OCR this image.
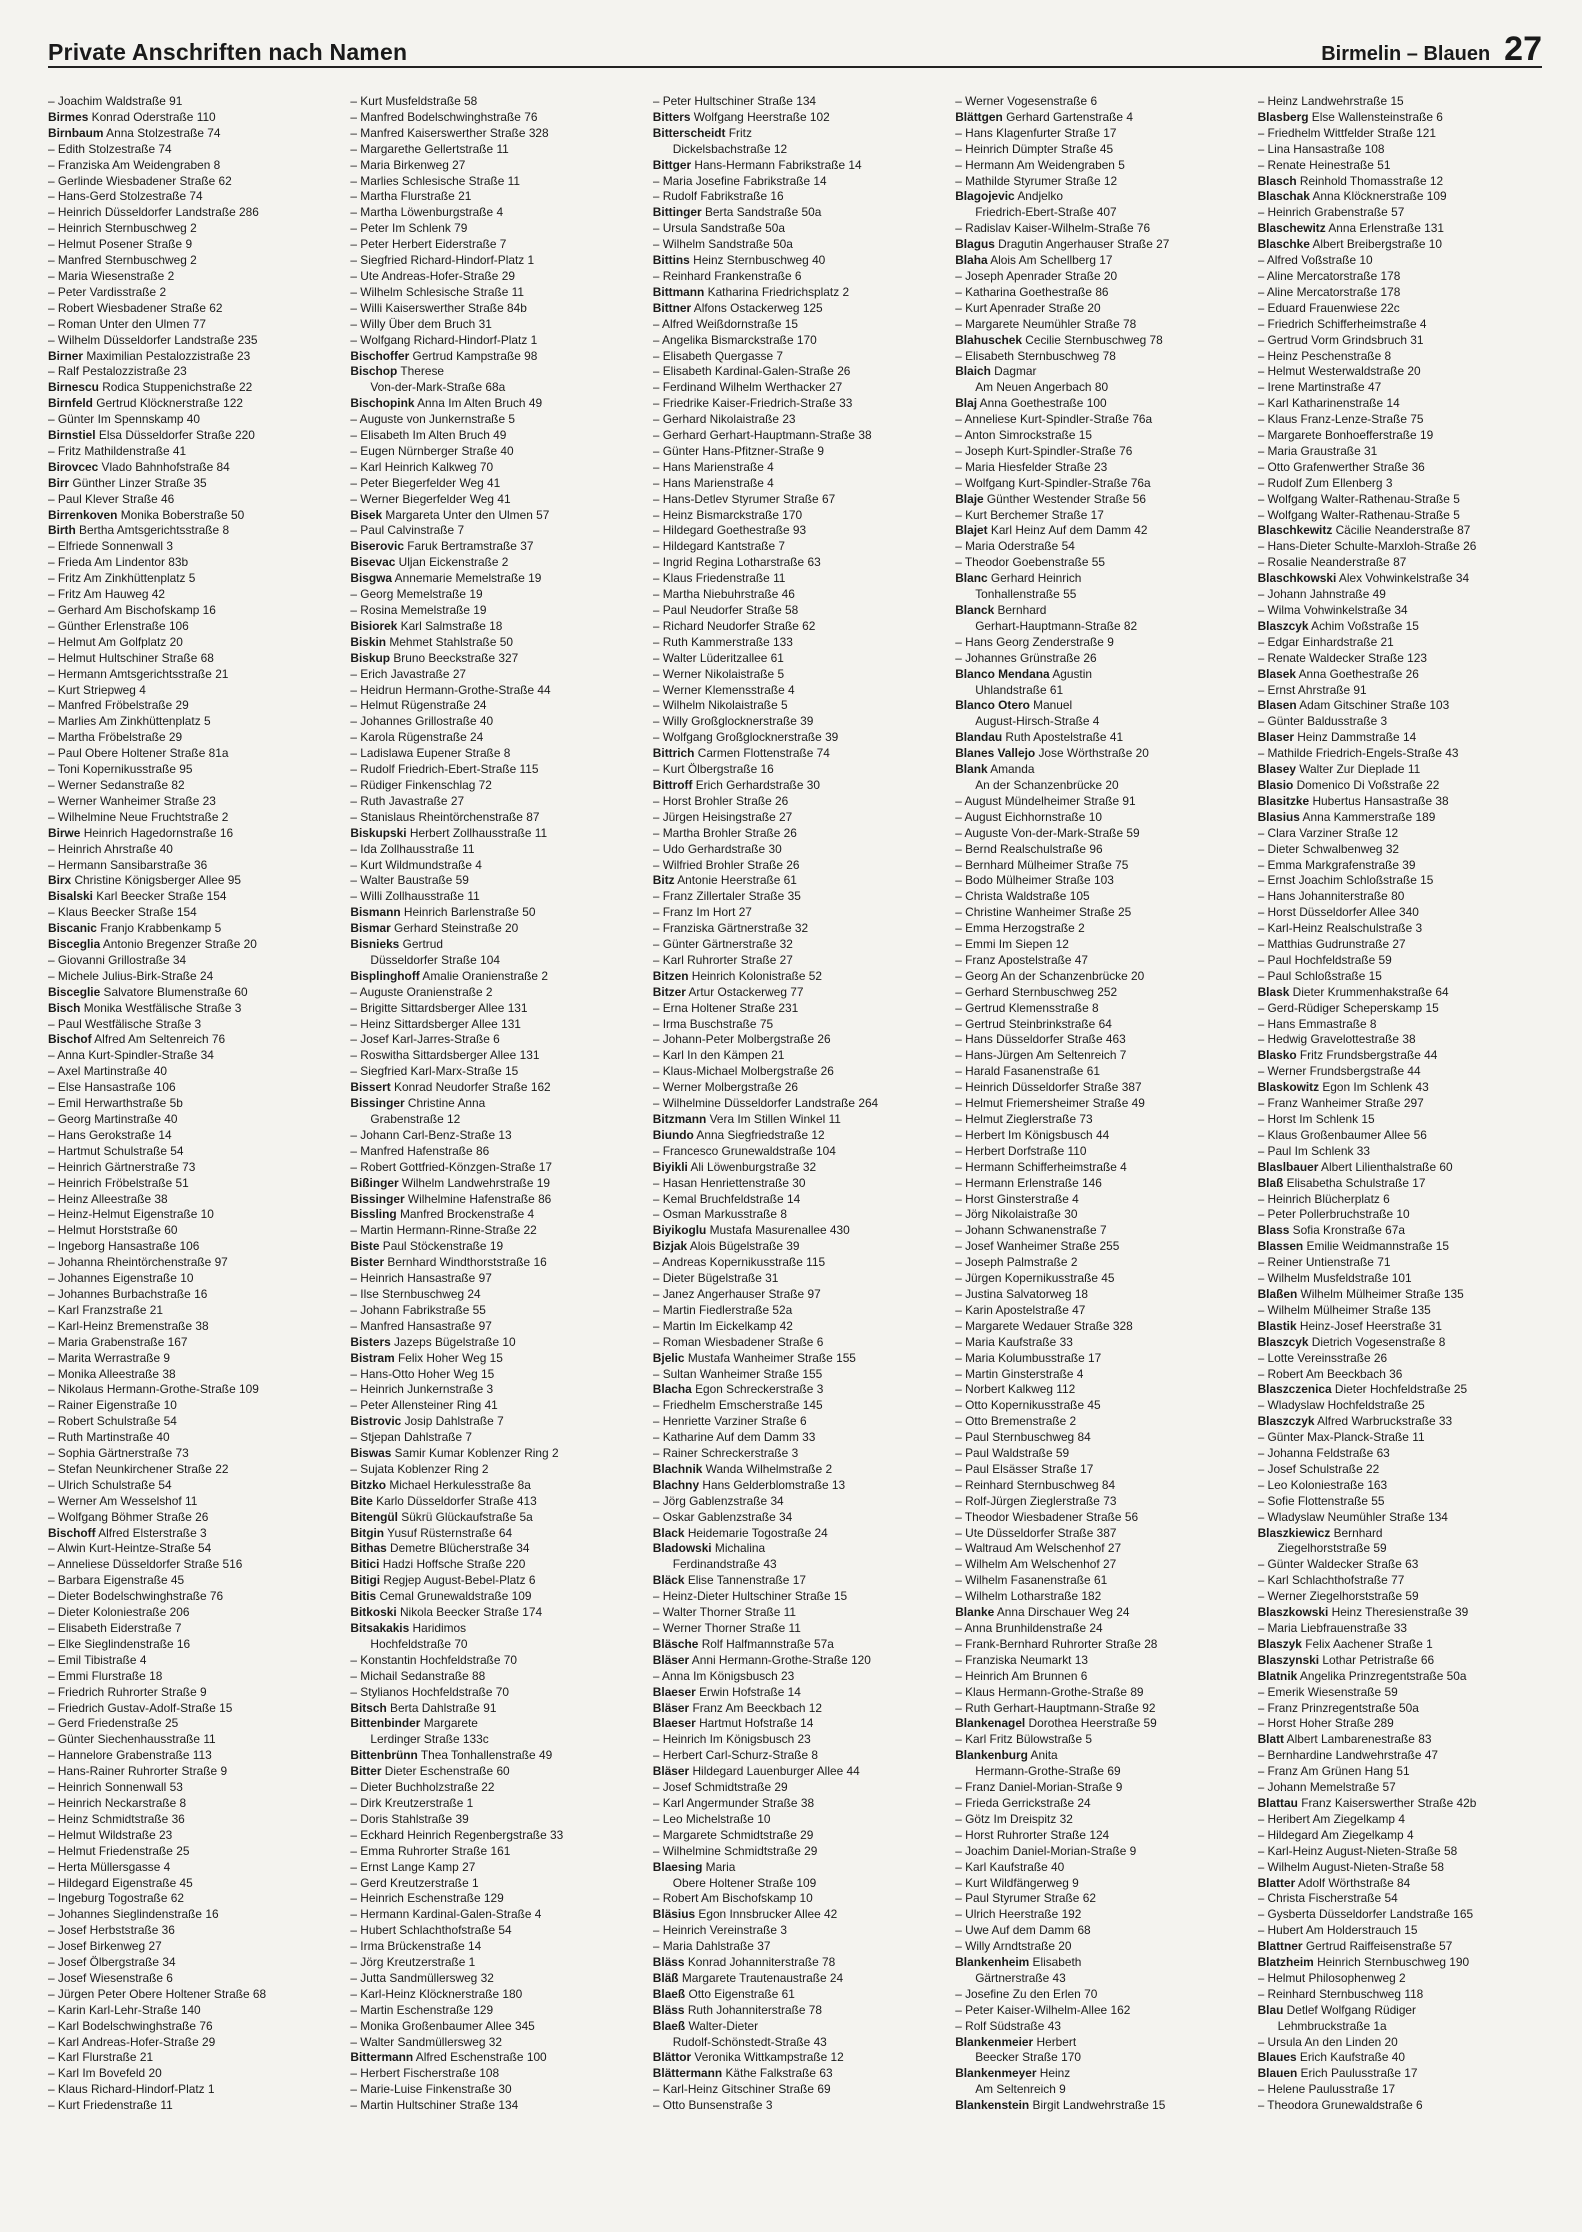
Private Anschriften nach Namen	Birmelin – Blauen 27
– Joachim Waldstraße 91
Birmes Konrad Oderstraße 110
Birnbaum Anna Stolzestraße 74
– Edith Stolzestraße 74
– Franziska Am Weidengraben 8
– Gerlinde Wiesbadener Straße 62
– Hans-Gerd Stolzestraße 74
– Heinrich Düsseldorfer Landstraße 286
– Heinrich Sternbuschweg 2
– Helmut Posener Straße 9
– Manfred Sternbuschweg 2
– Maria Wiesenstraße 2
– Peter Vardisstraße 2
– Robert Wiesbadener Straße 62
– Roman Unter den Ulmen 77
– Wilhelm Düsseldorfer Landstraße 235
Birner Maximilian Pestalozzistraße 23
– Ralf Pestalozzistraße 23
Birnescu Rodica Stuppenichstraße 22
Birnfeld Gertrud Klöcknerstraße 122
– Günter Im Spennskamp 40
Birnstiel Elsa Düsseldorfer Straße 220
– Fritz Mathildenstraße 41
Birovcec Vlado Bahnhofstraße 84
Birr Günther Linzer Straße 35
– Paul Klever Straße 46
Birrenkoven Monika Boberstraße 50
Birth Bertha Amtsgerichtsstraße 8
– Elfriede Sonnenwall 3
– Frieda Am Lindentor 83b
– Fritz Am Zinkhüttenplatz 5
– Fritz Am Hauweg 42
– Gerhard Am Bischofskamp 16
– Günther Erlenstraße 106
– Helmut Am Golfplatz 20
– Helmut Hultschiner Straße 68
– Hermann Amtsgerichtsstraße 21
– Kurt Striepweg 4
– Manfred Fröbelstraße 29
– Marlies Am Zinkhüttenplatz 5
– Martha Fröbelstraße 29
– Paul Obere Holtener Straße 81a
– Toni Kopernikusstraße 95
– Werner Sedanstraße 82
– Werner Wanheimer Straße 23
– Wilhelmine Neue Fruchtstraße 2
Birwe Heinrich Hagedornstraße 16
– Heinrich Ahrstraße 40
– Hermann Sansibarstraße 36
Birx Christine Königsberger Allee 95
Bisalski Karl Beecker Straße 154
– Klaus Beecker Straße 154
Biscanic Franjo Krabbenkamp 5
Bisceglia Antonio Bregenzer Straße 20
– Giovanni Grillostraße 34
– Michele Julius-Birk-Straße 24
Bisceglie Salvatore Blumenstraße 60
Bisch Monika Westfälische Straße 3
– Paul Westfälische Straße 3
Bischof Alfred Am Seltenreich 76
– Anna Kurt-Spindler-Straße 34
– Axel Martinstraße 40
– Else Hansastraße 106
– Emil Herwarthstraße 5b
– Georg Martinstraße 40
– Hans Gerokstraße 14
– Hartmut Schulstraße 54
– Heinrich Gärtnerstraße 73
– Heinrich Fröbelstraße 51
– Heinz Alleestraße 38
– Heinz-Helmut Eigenstraße 10
– Helmut Horststraße 60
– Ingeborg Hansastraße 106
– Johanna Rheintörchenstraße 97
– Johannes Eigenstraße 10
– Johannes Burbachstraße 16
– Karl Franzstraße 21
– Karl-Heinz Bremenstraße 38
– Maria Grabenstraße 167
– Marita Werrastraße 9
– Monika Alleestraße 38
– Nikolaus Hermann-Grothe-Straße 109
– Rainer Eigenstraße 10
– Robert Schulstraße 54
– Ruth Martinstraße 40
– Sophia Gärtnerstraße 73
– Stefan Neunkirchener Straße 22
– Ulrich Schulstraße 54
– Werner Am Wesselshof 11
– Wolfgang Böhmer Straße 26
Bischoff Alfred Elsterstraße 3
– Alwin Kurt-Heintze-Straße 54
– Anneliese Düsseldorfer Straße 516
– Barbara Eigenstraße 45
– Dieter Bodelschwinghstraße 76
– Dieter Koloniestraße 206
– Elisabeth Eiderstraße 7
– Elke Sieglindenstraße 16
– Emil Tibistraße 4
– Emmi Flurstraße 18
– Friedrich Ruhrorter Straße 9
– Friedrich Gustav-Adolf-Straße 15
– Gerd Friedenstraße 25
– Günter Siechenhausstraße 11
– Hannelore Grabenstraße 113
– Hans-Rainer Ruhrorter Straße 9
– Heinrich Sonnenwall 53
– Heinrich Neckarstraße 8
– Heinz Schmidtstraße 36
– Helmut Wildstraße 23
– Helmut Friedenstraße 25
– Herta Müllersgasse 4
– Hildegard Eigenstraße 45
– Ingeburg Togostraße 62
– Johannes Sieglindenstraße 16
– Josef Herbststraße 36
– Josef Birkenweg 27
– Josef Ölbergstraße 34
– Josef Wiesenstraße 6
– Jürgen Peter Obere Holtener Straße 68
– Karin Karl-Lehr-Straße 140
– Karl Bodelschwinghstraße 76
– Karl Andreas-Hofer-Straße 29
– Karl Flurstraße 21
– Karl Im Bovefeld 20
– Klaus Richard-Hindorf-Platz 1
– Kurt Friedenstraße 11
– Kurt Musfeldstraße 58
– Manfred Bodelschwinghstraße 76
– Manfred Kaiserswerther Straße 328
– Margarethe Gellertstraße 11
– Maria Birkenweg 27
– Marlies Schlesische Straße 11
– Martha Flurstraße 21
– Martha Löwenburgstraße 4
– Peter Im Schlenk 79
– Peter Herbert Eiderstraße 7
– Siegfried Richard-Hindorf-Platz 1
– Ute Andreas-Hofer-Straße 29
– Wilhelm Schlesische Straße 11
– Willi Kaiserswerther Straße 84b
– Willy Über dem Bruch 31
– Wolfgang Richard-Hindorf-Platz 1
Bischoffer Gertrud Kampstraße 98
Bischop Therese
Von-der-Mark-Straße 68a
Bischopink Anna Im Alten Bruch 49
– Auguste von Junkernstraße 5
– Elisabeth Im Alten Bruch 49
– Eugen Nürnberger Straße 40
– Karl Heinrich Kalkweg 70
– Peter Biegerfelder Weg 41
– Werner Biegerfelder Weg 41
Bisek Margareta Unter den Ulmen 57
– Paul Calvinstraße 7
Biserovic Faruk Bertramstraße 37
Bisevac Uljan Eickenstraße 2
Bisgwa Annemarie Memelstraße 19
– Georg Memelstraße 19
– Rosina Memelstraße 19
Bisiorek Karl Salmstraße 18
Biskin Mehmet Stahlstraße 50
Biskup Bruno Beeckstraße 327
– Erich Javastraße 27
– Heidrun Hermann-Grothe-Straße 44
– Helmut Rügenstraße 24
– Johannes Grillostraße 40
– Karola Rügenstraße 24
– Ladislawa Eupener Straße 8
– Rudolf Friedrich-Ebert-Straße 115
– Rüdiger Finkenschlag 72
– Ruth Javastraße 27
– Stanislaus Rheintörchenstraße 87
Biskupski Herbert Zollhausstraße 11
– Ida Zollhausstraße 11
– Kurt Wildmundstraße 4
– Walter Baustraße 59
– Willi Zollhausstraße 11
Bismann Heinrich Barlenstraße 50
Bismar Gerhard Steinstraße 20
Bisnieks Gertrud
Düsseldorfer Straße 104
Bisplinghoff Amalie Oranienstraße 2
– Auguste Oranienstraße 2
– Brigitte Sittardsberger Allee 131
– Heinz Sittardsberger Allee 131
– Josef Karl-Jarres-Straße 6
– Roswitha Sittardsberger Allee 131
– Siegfried Karl-Marx-Straße 15
Bissert Konrad Neudorfer Straße 162
Bissinger Christine Anna
Grabenstraße 12
– Johann Carl-Benz-Straße 13
– Manfred Hafenstraße 86
– Robert Gottfried-Könzgen-Straße 17
Bißinger Wilhelm Landwehrstraße 19
Bissinger Wilhelmine Hafenstraße 86
Bissling Manfred Brockenstraße 4
– Martin Hermann-Rinne-Straße 22
Biste Paul Stöckenstraße 19
Bister Bernhard Windthorststraße 16
– Heinrich Hansastraße 97
– Ilse Sternbuschweg 24
– Johann Fabrikstraße 55
– Manfred Hansastraße 97
Bisters Jazeps Bügelstraße 10
Bistram Felix Hoher Weg 15
– Hans-Otto Hoher Weg 15
– Heinrich Junkernstraße 3
– Peter Allensteiner Ring 41
Bistrovic Josip Dahlstraße 7
– Stjepan Dahlstraße 7
Biswas Samir Kumar Koblenzer Ring 2
– Sujata Koblenzer Ring 2
Bitzko Michael Herkulesstraße 8a
Bite Karlo Düsseldorfer Straße 413
Bitengül Sükrü Glückaufstraße 5a
Bitgin Yusuf Rüsternstraße 64
Bithas Demetre Blücherstraße 34
Bitici Hadzi Hoffsche Straße 220
Bitigi Regjep August-Bebel-Platz 6
Bitis Cemal Grunewaldstraße 109
Bitkoski Nikola Beecker Straße 174
Bitsakakis Haridimos
Hochfeldstraße 70
– Konstantin Hochfeldstraße 70
– Michail Sedanstraße 88
– Stylianos Hochfeldstraße 70
Bitsch Berta Dahlstraße 91
Bittenbinder Margarete
Lerdinger Straße 133c
Bittenbrünn Thea Tonhallenstraße 49
Bitter Dieter Eschenstraße 60
– Dieter Buchholzstraße 22
– Dirk Kreutzerstraße 1
– Doris Stahlstraße 39
– Eckhard Heinrich Regenbergstraße 33
– Emma Ruhrorter Straße 161
– Ernst Lange Kamp 27
– Gerd Kreutzerstraße 1
– Heinrich Eschenstraße 129
– Hermann Kardinal-Galen-Straße 4
– Hubert Schlachthofstraße 54
– Irma Brückenstraße 14
– Jörg Kreutzerstraße 1
– Jutta Sandmüllersweg 32
– Karl-Heinz Klöcknerstraße 180
– Martin Eschenstraße 129
– Monika Großenbaumer Allee 345
– Walter Sandmüllersweg 32
Bittermann Alfred Eschenstraße 100
– Herbert Fischerstraße 108
– Marie-Luise Finkenstraße 30
– Martin Hultschiner Straße 134
– Peter Hultschiner Straße 134
Bitters Wolfgang Heerstraße 102
Bitterscheidt Fritz
Dickelsbachstraße 12
Bittger Hans-Hermann Fabrikstraße 14
– Maria Josefine Fabrikstraße 14
– Rudolf Fabrikstraße 16
Bittinger Berta Sandstraße 50a
– Ursula Sandstraße 50a
– Wilhelm Sandstraße 50a
Bittins Heinz Sternbuschweg 40
– Reinhard Frankenstraße 6
Bittmann Katharina Friedrichsplatz 2
Bittner Alfons Ostackerweg 125
– Alfred Weißdornstraße 15
– Angelika Bismarckstraße 170
– Elisabeth Quergasse 7
– Elisabeth Kardinal-Galen-Straße 26
– Ferdinand Wilhelm Werthacker 27
– Friedrike Kaiser-Friedrich-Straße 33
– Gerhard Nikolaistraße 23
– Gerhard Gerhart-Hauptmann-Straße 38
– Günter Hans-Pfitzner-Straße 9
– Hans Marienstraße 4
– Hans Marienstraße 4
– Hans-Detlev Styrumer Straße 67
– Heinz Bismarckstraße 170
– Hildegard Goethestraße 93
– Hildegard Kantstraße 7
– Ingrid Regina Lotharstraße 63
– Klaus Friedenstraße 11
– Martha Niebuhrstraße 46
– Paul Neudorfer Straße 58
– Richard Neudorfer Straße 62
– Ruth Kammerstraße 133
– Walter Lüderitzallee 61
– Werner Nikolaistraße 5
– Werner Klemensstraße 4
– Wilhelm Nikolaistraße 5
– Willy Großglocknerstraße 39
– Wolfgang Großglocknerstraße 39
Bittrich Carmen Flottenstraße 74
– Kurt Ölbergstraße 16
Bittroff Erich Gerhardstraße 30
– Horst Brohler Straße 26
– Jürgen Heisingstraße 27
– Martha Brohler Straße 26
– Udo Gerhardstraße 30
– Wilfried Brohler Straße 26
Bitz Antonie Heerstraße 61
– Franz Zillertaler Straße 35
– Franz Im Hort 27
– Franziska Gärtnerstraße 32
– Günter Gärtnerstraße 32
– Karl Ruhrorter Straße 27
Bitzen Heinrich Kolonistraße 52
Bitzer Artur Ostackerweg 77
– Erna Holtener Straße 231
– Irma Buschstraße 75
– Johann-Peter Molbergstraße 26
– Karl In den Kämpen 21
– Klaus-Michael Molbergstraße 26
– Werner Molbergstraße 26
– Wilhelmine Düsseldorfer Landstraße 264
Bitzmann Vera Im Stillen Winkel 11
Biundo Anna Siegfriedstraße 12
– Francesco Grunewaldstraße 104
Biyikli Ali Löwenburgstraße 32
– Hasan Henriettenstraße 30
– Kemal Bruchfeldstraße 14
– Osman Markusstraße 8
Biyikoglu Mustafa Masurenallee 430
Bizjak Alois Bügelstraße 39
– Andreas Kopernikusstraße 115
– Dieter Bügelstraße 31
– Janez Angerhauser Straße 97
– Martin Fiedlerstraße 52a
– Martin Im Eickelkamp 42
– Roman Wiesbadener Straße 6
Bjelic Mustafa Wanheimer Straße 155
– Sultan Wanheimer Straße 155
Blacha Egon Schreckerstraße 3
– Friedhelm Emscherstraße 145
– Henriette Varziner Straße 6
– Katharine Auf dem Damm 33
– Rainer Schreckerstraße 3
Blachnik Wanda Wilhelmstraße 2
Blachny Hans Gelderblomstraße 13
– Jörg Gablenzstraße 34
– Oskar Gablenzstraße 34
Black Heidemarie Togostraße 24
Bladowski Michalina
Ferdinandstraße 43
Bläck Elise Tannenstraße 17
– Heinz-Dieter Hultschiner Straße 15
– Walter Thorner Straße 11
– Werner Thorner Straße 11
Bläsche Rolf Halfmannstraße 57a
Bläser Anni Hermann-Grothe-Straße 120
– Anna Im Königsbusch 23
Blaeser Erwin Hofstraße 14
Bläser Franz Am Beeckbach 12
Blaeser Hartmut Hofstraße 14
– Heinrich Im Königsbusch 23
– Herbert Carl-Schurz-Straße 8
Bläser Hildegard Lauenburger Allee 44
– Josef Schmidtstraße 29
– Karl Angermunder Straße 38
– Leo Michelstraße 10
– Margarete Schmidtstraße 29
– Wilhelmine Schmidtstraße 29
Blaesing Maria
Obere Holtener Straße 109
– Robert Am Bischofskamp 10
Bläsius Egon Innsbrucker Allee 42
– Heinrich Vereinstraße 3
– Maria Dahlstraße 37
Bläss Konrad Johanniterstraße 78
Bläß Margarete Trautenaustraße 24
Blaeß Otto Eigenstraße 61
Bläss Ruth Johanniterstraße 78
Blaeß Walter-Dieter
Rudolf-Schönstedt-Straße 43
Blättor Veronika Wittkampstraße 12
Blättermann Käthe Falkstraße 63
– Karl-Heinz Gitschiner Straße 69
– Otto Bunsenstraße 3
– Werner Vogesenstraße 6
Blättgen Gerhard Gartenstraße 4
– Hans Klagenfurter Straße 17
– Heinrich Dümpter Straße 45
– Hermann Am Weidengraben 5
– Mathilde Styrumer Straße 12
Blagojevic Andjelko
Friedrich-Ebert-Straße 407
– Radislav Kaiser-Wilhelm-Straße 76
Blagus Dragutin Angerhauser Straße 27
Blaha Alois Am Schellberg 17
– Joseph Apenrader Straße 20
– Katharina Goethestraße 86
– Kurt Apenrader Straße 20
– Margarete Neumühler Straße 78
Blahuschek Cecilie Sternbuschweg 78
– Elisabeth Sternbuschweg 78
Blaich Dagmar
Am Neuen Angerbach 80
Blaj Anna Goethestraße 100
– Anneliese Kurt-Spindler-Straße 76a
– Anton Simrockstraße 15
– Joseph Kurt-Spindler-Straße 76
– Maria Hiesfelder Straße 23
– Wolfgang Kurt-Spindler-Straße 76a
Blaje Günther Westender Straße 56
– Kurt Berchemer Straße 17
Blajet Karl Heinz Auf dem Damm 42
– Maria Oderstraße 54
– Theodor Goebenstraße 55
Blanc Gerhard Heinrich
Tonhallenstraße 55
Blanck Bernhard
Gerhart-Hauptmann-Straße 82
– Hans Georg Zenderstraße 9
– Johannes Grünstraße 26
Blanco Mendana Agustin
Uhlandstraße 61
Blanco Otero Manuel
August-Hirsch-Straße 4
Blandau Ruth Apostelstraße 41
Blanes Vallejo Jose Wörthstraße 20
Blank Amanda
An der Schanzenbrücke 20
– August Mündelheimer Straße 91
– August Eichhornstraße 10
– Auguste Von-der-Mark-Straße 59
– Bernd Realschulstraße 96
– Bernhard Mülheimer Straße 75
– Bodo Mülheimer Straße 103
– Christa Waldstraße 105
– Christine Wanheimer Straße 25
– Emma Herzogstraße 2
– Emmi Im Siepen 12
– Franz Apostelstraße 47
– Georg An der Schanzenbrücke 20
– Gerhard Sternbuschweg 252
– Gertrud Klemensstraße 8
– Gertrud Steinbrinkstraße 64
– Hans Düsseldorfer Straße 463
– Hans-Jürgen Am Seltenreich 7
– Harald Fasanenstraße 61
– Heinrich Düsseldorfer Straße 387
– Helmut Friemersheimer Straße 49
– Helmut Zieglerstraße 73
– Herbert Im Königsbusch 44
– Herbert Dorfstraße 110
– Hermann Schifferheimstraße 4
– Hermann Erlenstraße 146
– Horst Ginsterstraße 4
– Jörg Nikolaistraße 30
– Johann Schwanenstraße 7
– Josef Wanheimer Straße 255
– Joseph Palmstraße 2
– Jürgen Kopernikusstraße 45
– Justina Salvatorweg 18
– Karin Apostelstraße 47
– Margarete Wedauer Straße 328
– Maria Kaufstraße 33
– Maria Kolumbusstraße 17
– Martin Ginsterstraße 4
– Norbert Kalkweg 112
– Otto Kopernikusstraße 45
– Otto Bremenstraße 2
– Paul Sternbuschweg 84
– Paul Waldstraße 59
– Paul Elsässer Straße 17
– Reinhard Sternbuschweg 84
– Rolf-Jürgen Zieglerstraße 73
– Theodor Wiesbadener Straße 56
– Ute Düsseldorfer Straße 387
– Waltraud Am Welschenhof 27
– Wilhelm Am Welschenhof 27
– Wilhelm Fasanenstraße 61
– Wilhelm Lotharstraße 182
Blanke Anna Dirschauer Weg 24
– Anna Brunhildenstraße 24
– Frank-Bernhard Ruhrorter Straße 28
– Franziska Neumarkt 13
– Heinrich Am Brunnen 6
– Klaus Hermann-Grothe-Straße 89
– Ruth Gerhart-Hauptmann-Straße 92
Blankenagel Dorothea Heerstraße 59
– Karl Fritz Bülowstraße 5
Blankenburg Anita
Hermann-Grothe-Straße 69
– Franz Daniel-Morian-Straße 9
– Frieda Gerrickstraße 24
– Götz Im Dreispitz 32
– Horst Ruhrorter Straße 124
– Joachim Daniel-Morian-Straße 9
– Karl Kaufstraße 40
– Kurt Wildfängerweg 9
– Paul Styrumer Straße 62
– Ulrich Heerstraße 192
– Uwe Auf dem Damm 68
– Willy Arndtstraße 20
Blankenheim Elisabeth
Gärtnerstraße 43
– Josefine Zu den Erlen 70
– Peter Kaiser-Wilhelm-Allee 162
– Rolf Südstraße 43
Blankenmeier Herbert
Beecker Straße 170
Blankenmeyer Heinz
Am Seltenreich 9
Blankenstein Birgit Landwehrstraße 15
– Heinz Landwehrstraße 15
Blasberg Else Wallensteinstraße 6
– Friedhelm Wittfelder Straße 121
– Lina Hansastraße 108
– Renate Heinestraße 51
Blasch Reinhold Thomasstraße 12
Blaschak Anna Klöcknerstraße 109
– Heinrich Grabenstraße 57
Blaschewitz Anna Erlenstraße 131
Blaschke Albert Breibergstraße 10
– Alfred Voßstraße 10
– Aline Mercatorstraße 178
– Aline Mercatorstraße 178
– Eduard Frauenwiese 22c
– Friedrich Schifferheimstraße 4
– Gertrud Vorm Grindsbruch 31
– Heinz Peschenstraße 8
– Helmut Westerwaldstraße 20
– Irene Martinstraße 47
– Karl Katharinenstraße 14
– Klaus Franz-Lenze-Straße 75
– Margarete Bonhoefferstraße 19
– Maria Graustraße 31
– Otto Grafenwerther Straße 36
– Rudolf Zum Ellenberg 3
– Wolfgang Walter-Rathenau-Straße 5
– Wolfgang Walter-Rathenau-Straße 5
Blaschkewitz Cäcilie Neanderstraße 87
– Hans-Dieter Schulte-Marxloh-Straße 26
– Rosalie Neanderstraße 87
Blaschkowski Alex Vohwinkelstraße 34
– Johann Jahnstraße 49
– Wilma Vohwinkelstraße 34
Blaszcyk Achim Voßstraße 15
– Edgar Einhardstraße 21
– Renate Waldecker Straße 123
Blasek Anna Goethestraße 26
– Ernst Ahrstraße 91
Blasen Adam Gitschiner Straße 103
– Günter Baldusstraße 3
Blaser Heinz Dammstraße 14
– Mathilde Friedrich-Engels-Straße 43
Blasey Walter Zur Dieplade 11
Blasio Domenico Di Voßstraße 22
Blasitzke Hubertus Hansastraße 38
Blasius Anna Kammerstraße 189
– Clara Varziner Straße 12
– Dieter Schwalbenweg 32
– Emma Markgrafenstraße 39
– Ernst Joachim Schloßstraße 15
– Hans Johanniterstraße 80
– Horst Düsseldorfer Allee 340
– Karl-Heinz Realschulstraße 3
– Matthias Gudrunstraße 27
– Paul Hochfeldstraße 59
– Paul Schloßstraße 15
Blask Dieter Krummenhakstraße 64
– Gerd-Rüdiger Scheperskamp 15
– Hans Emmastraße 8
– Hedwig Gravelottestraße 38
Blasko Fritz Frundsbergstraße 44
– Werner Frundsbergstraße 44
Blaskowitz Egon Im Schlenk 43
– Franz Wanheimer Straße 297
– Horst Im Schlenk 15
– Klaus Großenbaumer Allee 56
– Paul Im Schlenk 33
Blaslbauer Albert Lilienthalstraße 60
Blaß Elisabetha Schulstraße 17
– Heinrich Blücherplatz 6
– Peter Pollerbruchstraße 10
Blass Sofia Kronstraße 67a
Blassen Emilie Weidmannstraße 15
– Reiner Untienstraße 71
– Wilhelm Musfeldstraße 101
Blaßen Wilhelm Mülheimer Straße 135
– Wilhelm Mülheimer Straße 135
Blastik Heinz-Josef Heerstraße 31
Blaszcyk Dietrich Vogesenstraße 8
– Lotte Vereinsstraße 26
– Robert Am Beeckbach 36
Blaszczenica Dieter Hochfeldstraße 25
– Wladyslaw Hochfeldstraße 25
Blaszczyk Alfred Warbruckstraße 33
– Günter Max-Planck-Straße 11
– Johanna Feldstraße 63
– Josef Schulstraße 22
– Leo Koloniestraße 163
– Sofie Flottenstraße 55
– Wladyslaw Neumühler Straße 134
Blaszkiewicz Bernhard
Ziegelhorststraße 59
– Günter Waldecker Straße 63
– Karl Schlachthofstraße 77
– Werner Ziegelhorststraße 59
Blaszkowski Heinz Theresienstraße 39
– Maria Liebfrauenstraße 33
Blaszyk Felix Aachener Straße 1
Blaszynski Lothar Petristraße 66
Blatnik Angelika Prinzregentstraße 50a
– Emerik Wiesenstraße 59
– Franz Prinzregentstraße 50a
– Horst Hoher Straße 289
Blatt Albert Lambarenestraße 83
– Bernhardine Landwehrstraße 47
– Franz Am Grünen Hang 51
– Johann Memelstraße 57
Blattau Franz Kaiserswerther Straße 42b
– Heribert Am Ziegelkamp 4
– Hildegard Am Ziegelkamp 4
– Karl-Heinz August-Nieten-Straße 58
– Wilhelm August-Nieten-Straße 58
Blatter Adolf Wörthstraße 84
– Christa Fischerstraße 54
– Gysberta Düsseldorfer Landstraße 165
– Hubert Am Holderstrauch 15
Blattner Gertrud Raiffeisenstraße 57
Blatzheim Heinrich Sternbuschweg 190
– Helmut Philosophenweg 2
– Reinhard Sternbuschweg 118
Blau Detlef Wolfgang Rüdiger
Lehmbruckstraße 1a
– Ursula An den Linden 20
Blaues Erich Kaufstraße 40
Blauen Erich Paulusstraße 17
– Helene Paulusstraße 17
– Theodora Grunewaldstraße 6
